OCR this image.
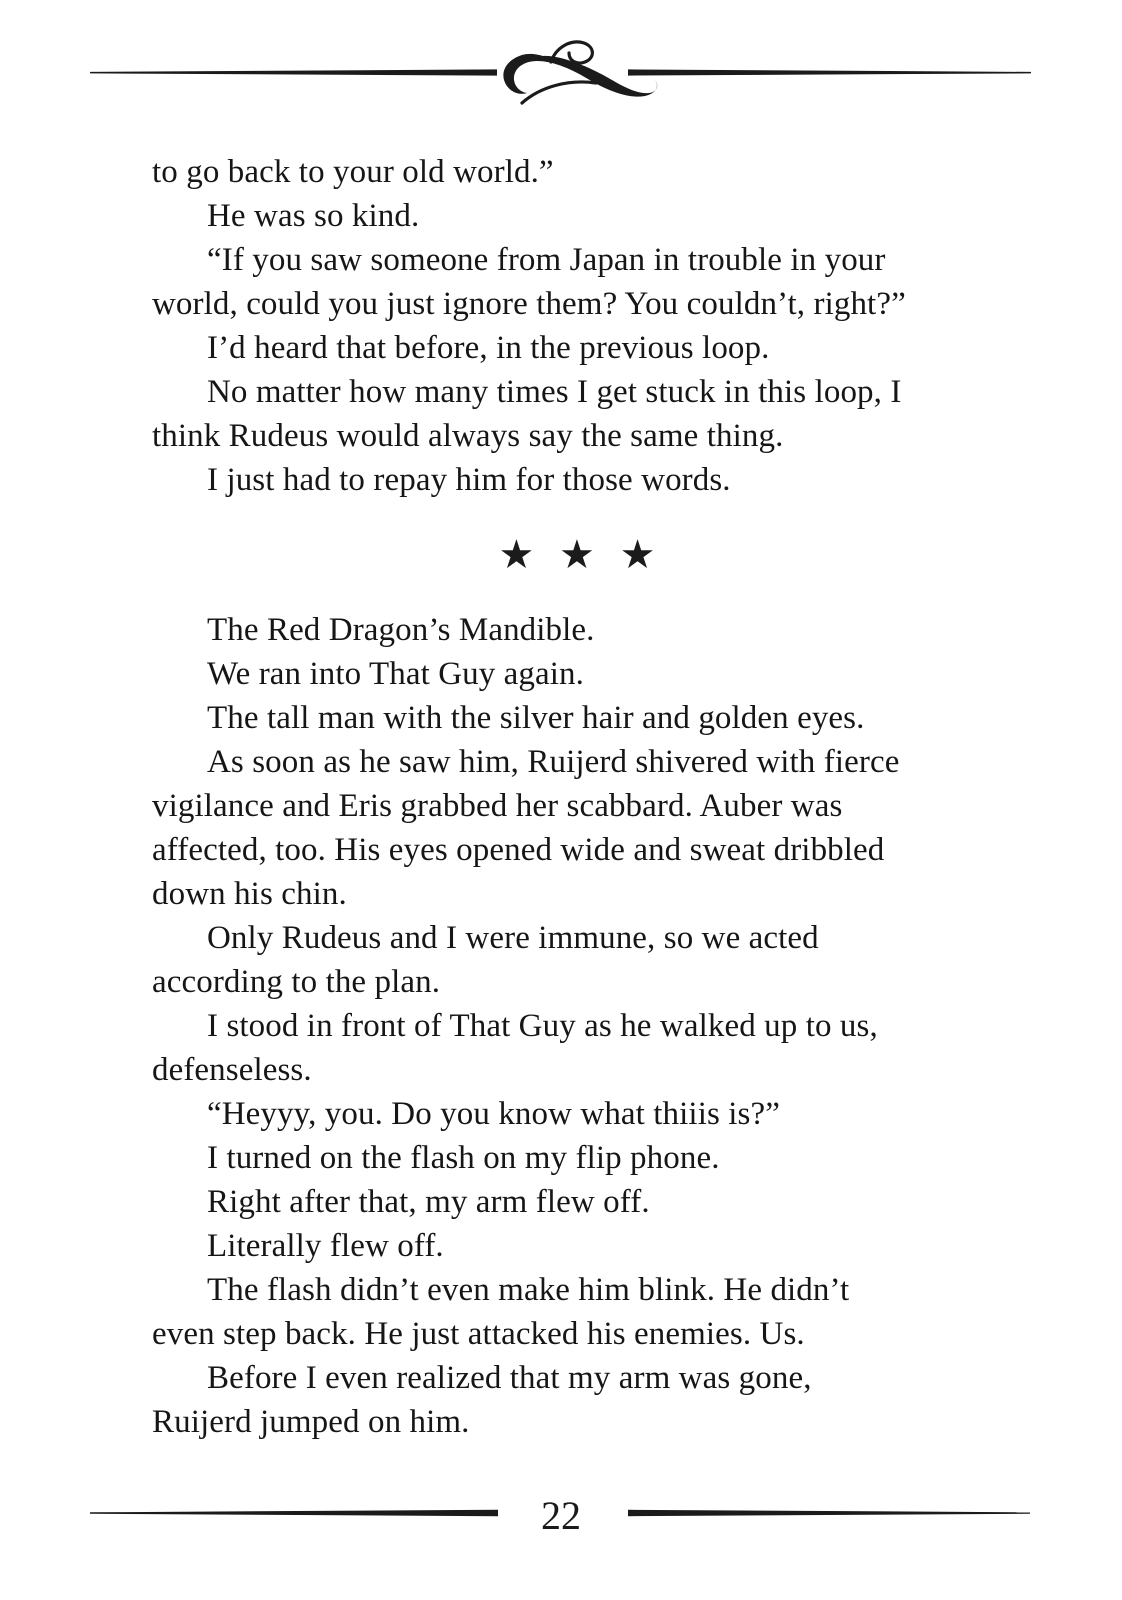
to go back to your old world.”
He was so kind.
“If you saw someone from Japan in trouble in your
world, could you just ignore them? You couldn’t, right?”
I’d heard that before, in the previous loop.
No matter how many times I get stuck in this loop, I
think Rudeus would always say the same thing.
I just had to repay him for those words.
★ ★ ★
The Red Dragon’s Mandible.
We ran into That Guy again.
The tall man with the silver hair and golden eyes.
As soon as he saw him, Ruijerd shivered with fierce
vigilance and Eris grabbed her scabbard. Auber was
affected, too. His eyes opened wide and sweat dribbled
down his chin.
Only Rudeus and I were immune, so we acted
according to the plan.
I stood in front of That Guy as he walked up to us,
defenseless.
“Heyyy, you. Do you know what thiiis is?”
I turned on the flash on my flip phone.
Right after that, my arm flew off.
Literally flew off.
The flash didn’t even make him blink. He didn’t
even step back. He just attacked his enemies. Us.
Before I even realized that my arm was gone,
Ruijerd jumped on him.
22
